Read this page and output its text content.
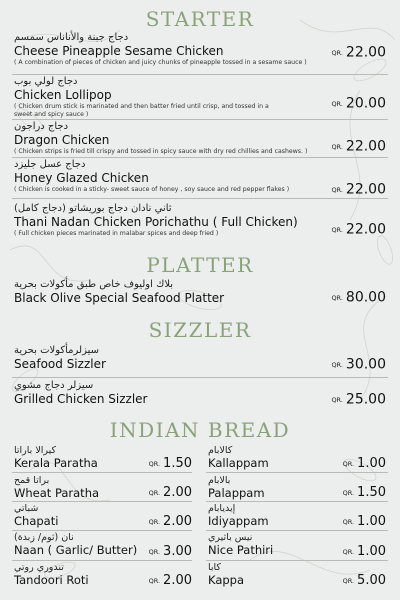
STARTER
دجاج جبنة والأناناس سمسم
Cheese Pineapple Sesame Chicken
( A combination of pieces of chicken and juicy chunks of pineapple tossed in a sesame sauce )
QR. 22.00
دجاج لولي بوب
Chicken Lollipop
( Chicken drum stick is marinated and then batter fried until crisp, and tossed in a sweet and spicy sauce )
QR. 20.00
دجاج دراجون
Dragon Chicken
( Chicken strips is fried till crispy and tossed in spicy sauce with dry red chillies and cashews. )
QR. 22.00
دجاج عسل جليزد
Honey Glazed Chicken
( Chicken is cooked in a sticky- sweet sauce of honey , soy sauce and red pepper flakes )	QR. 22.00
ثاني نادان دجاج بوريشاتو (دجاج كامل)
Thani Nadan Chicken Porichathu ( Full Chicken)
( Full chicken pieces marinated in malabar spices and deep fried )	QR. 22.00
PLATTER
بلاك اوليوف خاص طبق مأكولات بحرية
Black Olive Special Seafood Platter	QR. 80.00
SIZZLER
سيزلرمأكولات بحرية
Seafood Sizzler	QR. 30.00
سيزلر دجاج مشوي
Grilled Chicken Sizzler	QR. 25.00
INDIAN BREAD
كيرالا باراتا
Kerala Paratha	QR. 1.50
براتا قمح
Wheat Paratha	QR. 2.00
شباتي
Chapati	QR. 2.00
نان (ثوم/ زبدة)
Naan ( Garlic/ Butter)	QR. 3.00
تندوري روتي
Tandoori Roti	QR. 2.00
كالابام
Kallappam	QR. 1.00
بالابام
Palappam	QR. 1.50
إيديابام
Idiyappam	QR. 1.00
نيس باثيري
Nice Pathiri	QR. 1.00
كابا
Kappa	QR. 5.00
